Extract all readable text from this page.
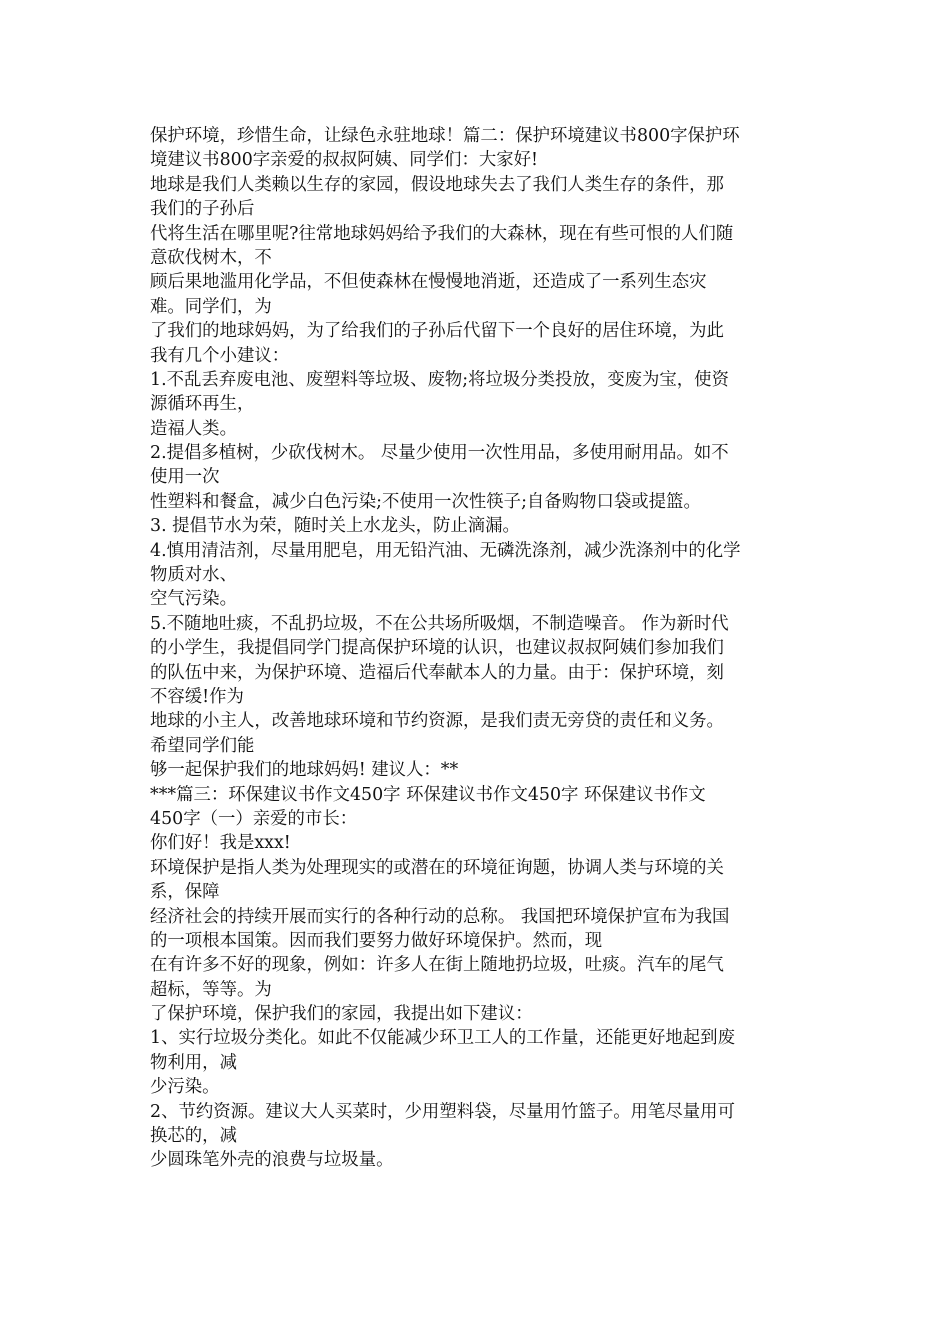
保护环境，珍惜生命，让绿色永驻地球！篇二：保护环境建议书800字保护环
境建议书800字亲爱的叔叔阿姨、同学们：大家好!
地球是我们人类赖以生存的家园，假设地球失去了我们人类生存的条件，那
我们的子孙后
代将生活在哪里呢?往常地球妈妈给予我们的大森林，现在有些可恨的人们随
意砍伐树木，不
顾后果地滥用化学品，不但使森林在慢慢地消逝，还造成了一系列生态灾
难。同学们，为
了我们的地球妈妈，为了给我们的子孙后代留下一个良好的居住环境，为此
我有几个小建议：
1.不乱丢弃废电池、废塑料等垃圾、废物;将垃圾分类投放，变废为宝，使资
源循环再生，
造福人类。
2.提倡多植树，少砍伐树木。 尽量少使用一次性用品，多使用耐用品。如不
使用一次
性塑料和餐盒，减少白色污染;不使用一次性筷子;自备购物口袋或提篮。
3. 提倡节水为荣，随时关上水龙头，防止滴漏。
4.慎用清洁剂，尽量用肥皂，用无铅汽油、无磷洗涤剂，减少洗涤剂中的化学
物质对水、
空气污染。
5.不随地吐痰，不乱扔垃圾，不在公共场所吸烟，不制造噪音。 作为新时代
的小学生，我提倡同学门提高保护环境的认识，也建议叔叔阿姨们参加我们
的队伍中来，为保护环境、造福后代奉献本人的力量。由于：保护环境，刻
不容缓!作为
地球的小主人，改善地球环境和节约资源，是我们责无旁贷的责任和义务。
希望同学们能
够一起保护我们的地球妈妈! 建议人：**
***篇三：环保建议书作文450字 环保建议书作文450字 环保建议书作文
450字（一）亲爱的市长：
你们好！我是xxx!
环境保护是指人类为处理现实的或潜在的环境征询题，协调人类与环境的关
系，保障
经济社会的持续开展而实行的各种行动的总称。 我国把环境保护宣布为我国
的一项根本国策。因而我们要努力做好环境保护。然而，现
在有许多不好的现象，例如：许多人在街上随地扔垃圾，吐痰。汽车的尾气
超标，等等。为
了保护环境，保护我们的家园，我提出如下建议：
1、实行垃圾分类化。如此不仅能减少环卫工人的工作量，还能更好地起到废
物利用，减
少污染。
2、节约资源。建议大人买菜时，少用塑料袋，尽量用竹篮子。用笔尽量用可
换芯的，减
少圆珠笔外壳的浪费与垃圾量。
